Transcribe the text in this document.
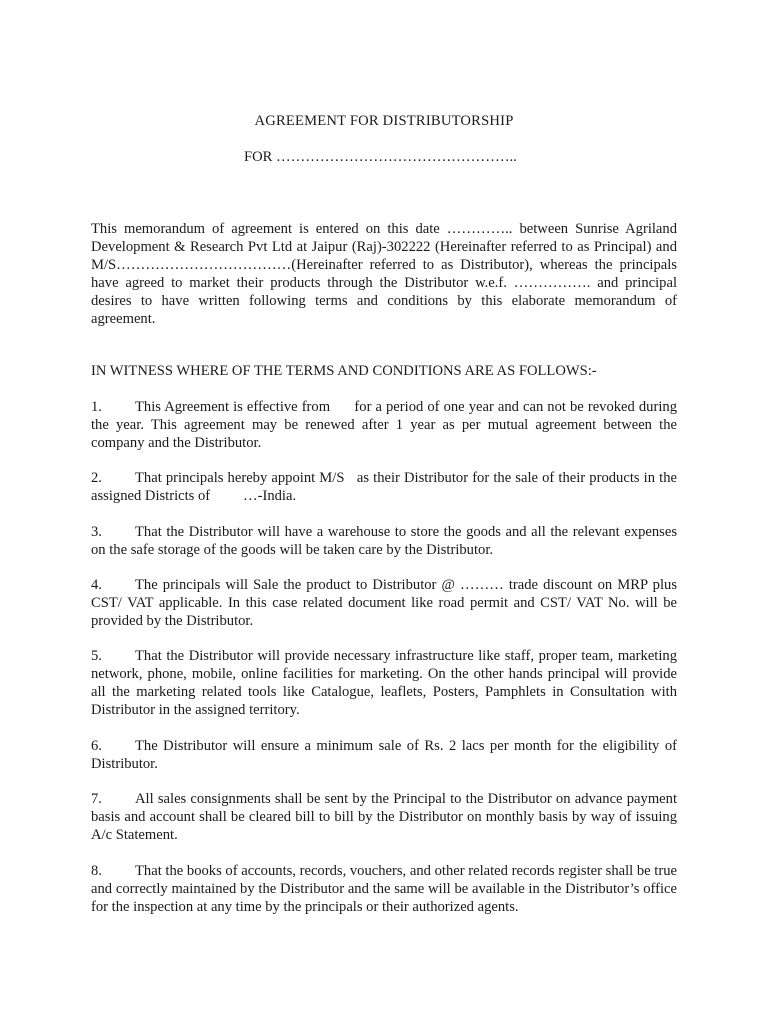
AGREEMENT FOR DISTRIBUTORSHIP
FOR …………………………………………..
This memorandum of agreement is entered on this date ………….. between Sunrise Agriland Development & Research Pvt Ltd at Jaipur (Raj)-302222 (Hereinafter referred to as Principal) and M/S………………………………(Hereinafter referred to as Distributor), whereas the principals have agreed to market their products through the Distributor w.e.f. ……………. and principal desires to have written following terms and conditions by this elaborate memorandum of agreement.
IN WITNESS WHERE OF THE TERMS AND CONDITIONS ARE AS FOLLOWS:-
1. This Agreement is effective from      for a period of one year and can not be revoked during the year. This agreement may be renewed after 1 year as per mutual agreement between the company and the Distributor.
2. That principals hereby appoint M/S   as their Distributor for the sale of their products in the assigned Districts of         …-India.
3. That the Distributor will have a warehouse to store the goods and all the relevant expenses on the safe storage of the goods will be taken care by the Distributor.
4. The principals will Sale the product to Distributor @ ……… trade discount on MRP plus CST/ VAT applicable. In this case related document like road permit and CST/ VAT No. will be provided by the Distributor.
5. That the Distributor will provide necessary infrastructure like staff, proper team, marketing network, phone, mobile, online facilities for marketing. On the other hands principal will provide all the marketing related tools like Catalogue, leaflets, Posters, Pamphlets in Consultation with Distributor in the assigned territory.
6. The Distributor will ensure a minimum sale of Rs. 2 lacs per month for the eligibility of Distributor.
7. All sales consignments shall be sent by the Principal to the Distributor on advance payment basis and account shall be cleared bill to bill by the Distributor on monthly basis by way of issuing A/c Statement.
8. That the books of accounts, records, vouchers, and other related records register shall be true and correctly maintained by the Distributor and the same will be available in the Distributor’s office for the inspection at any time by the principals or their authorized agents.
